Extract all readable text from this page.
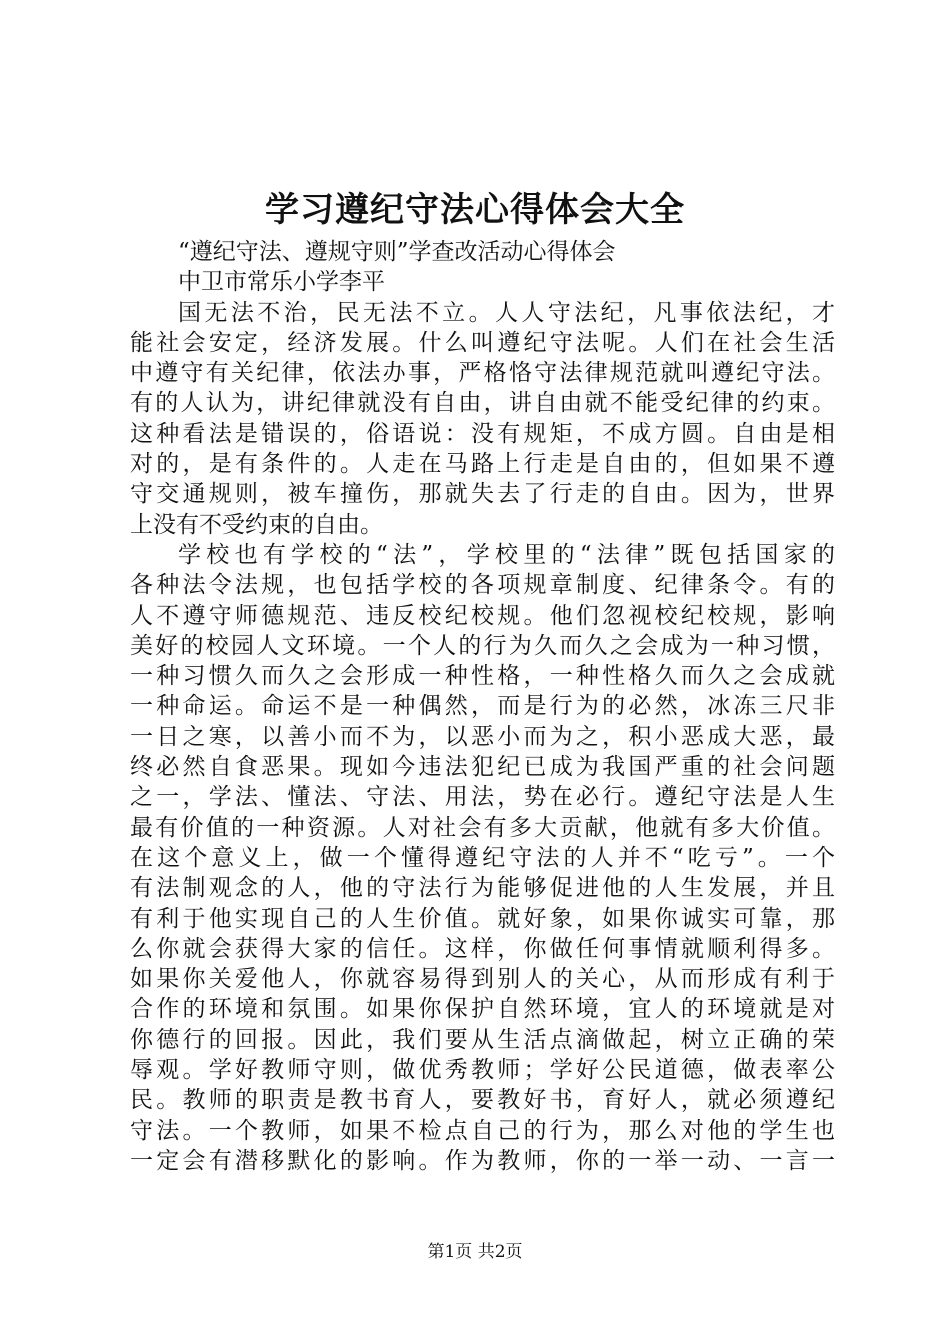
学习遵纪守法心得体会大全
“遵纪守法、遵规守则”学查改活动心得体会
中卫市常乐小学李平
国无法不治，民无法不立。人人守法纪，凡事依法纪，才
能社会安定，经济发展。什么叫遵纪守法呢。人们在社会生活
中遵守有关纪律，依法办事，严格恪守法律规范就叫遵纪守法。
有的人认为，讲纪律就没有自由，讲自由就不能受纪律的约束。
这种看法是错误的，俗语说：没有规矩，不成方圆。自由是相
对的，是有条件的。人走在马路上行走是自由的，但如果不遵
守交通规则，被车撞伤，那就失去了行走的自由。因为，世界
上没有不受约束的自由。
学校也有学校的“法”，学校里的“法律”既包括国家的
各种法令法规，也包括学校的各项规章制度、纪律条令。有的
人不遵守师德规范、违反校纪校规。他们忽视校纪校规，影响
美好的校园人文环境。一个人的行为久而久之会成为一种习惯，
一种习惯久而久之会形成一种性格，一种性格久而久之会成就
一种命运。命运不是一种偶然，而是行为的必然，冰冻三尺非
一日之寒，以善小而不为，以恶小而为之，积小恶成大恶，最
终必然自食恶果。现如今违法犯纪已成为我国严重的社会问题
之一，学法、懂法、守法、用法，势在必行。遵纪守法是人生
最有价值的一种资源。人对社会有多大贡献，他就有多大价值。
在这个意义上，做一个懂得遵纪守法的人并不“吃亏”。一个
有法制观念的人，他的守法行为能够促进他的人生发展，并且
有利于他实现自己的人生价值。就好象，如果你诚实可靠，那
么你就会获得大家的信任。这样，你做任何事情就顺利得多。
如果你关爱他人，你就容易得到别人的关心，从而形成有利于
合作的环境和氛围。如果你保护自然环境，宜人的环境就是对
你德行的回报。因此，我们要从生活点滴做起，树立正确的荣
辱观。学好教师守则，做优秀教师；学好公民道德，做表率公
民。教师的职责是教书育人，要教好书，育好人，就必须遵纪
守法。一个教师，如果不检点自己的行为，那么对他的学生也
一定会有潜移默化的影响。作为教师，你的一举一动、一言一
第1页 共2页
